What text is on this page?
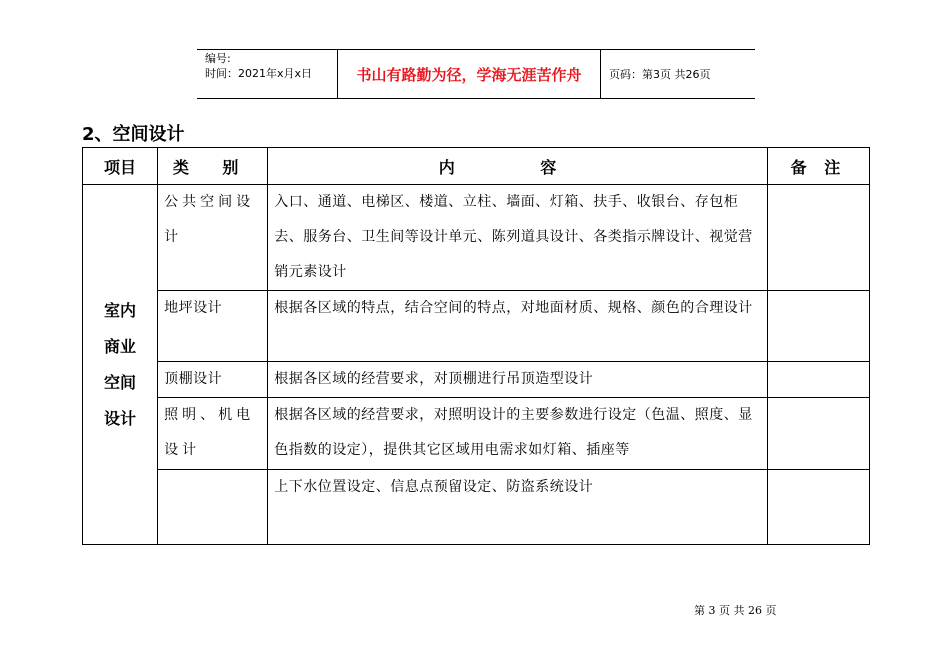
编号:
时间：2021年x月x日	书山有路勤为径，学海无涯苦作舟	页码：第3页 共26页
2、空间设计
项目	类 别	内 容	备 注

室内
商业
空间
设计	公共空间设计	入口、通道、电梯区、楼道、立柱、墙面、灯箱、扶手、收银台、存包柜去、服务台、卫生间等设计单元、陈列道具设计、各类指示牌设计、视觉营销元素设计	
	地坪设计	根据各区域的特点，结合空间的特点，对地面材质、规格、颜色的合理设计	
	顶棚设计	根据各区域的经营要求，对顶棚进行吊顶造型设计	
	照明、机电设计	根据各区域的经营要求，对照明设计的主要参数进行设定（色温、照度、显色指数的设定），提供其它区域用电需求如灯箱、插座等	
		上下水位置设定、信息点预留设定、防盗系统设计	
第 3 页 共 26 页
